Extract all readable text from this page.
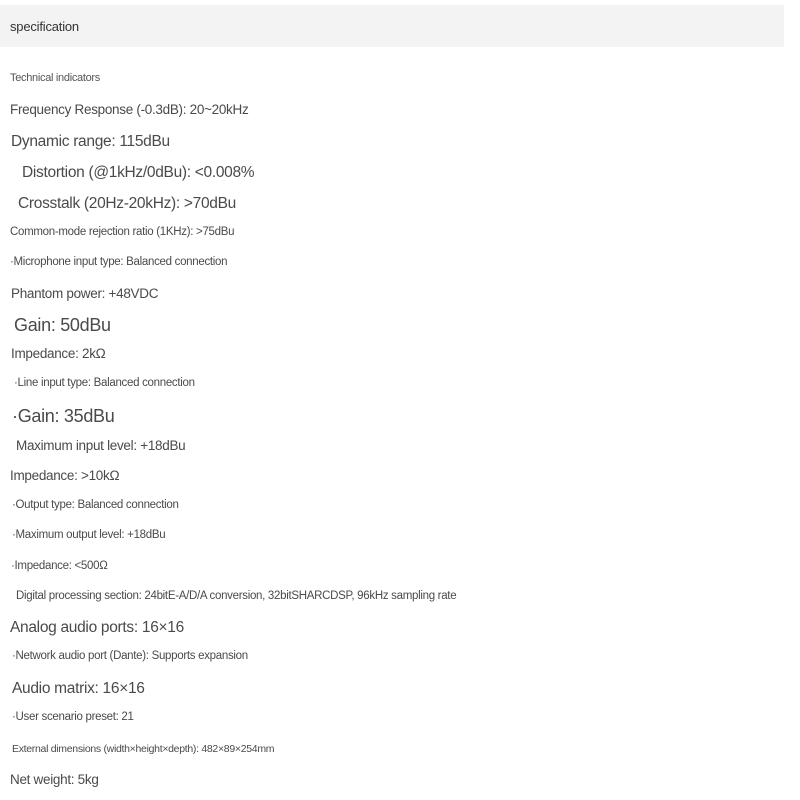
specification
Technical indicators
Frequency Response (-0.3dB): 20~20kHz
Dynamic range: 115dBu
Distortion (@1kHz/0dBu): <0.008%
Crosstalk (20Hz-20kHz): >70dBu
Common-mode rejection ratio (1KHz): >75dBu
·Microphone input type: Balanced connection
Phantom power: +48VDC
Gain: 50dBu
Impedance: 2kΩ
·Line input type: Balanced connection
·Gain: 35dBu
Maximum input level: +18dBu
Impedance: >10kΩ
·Output type: Balanced connection
·Maximum output level: +18dBu
·Impedance: <500Ω
Digital processing section: 24bitE-A/D/A conversion, 32bitSHARCDSP, 96kHz sampling rate
Analog audio ports: 16×16
·Network audio port (Dante): Supports expansion
Audio matrix: 16×16
·User scenario preset: 21
External dimensions (width×height×depth): 482×89×254mm
Net weight: 5kg
